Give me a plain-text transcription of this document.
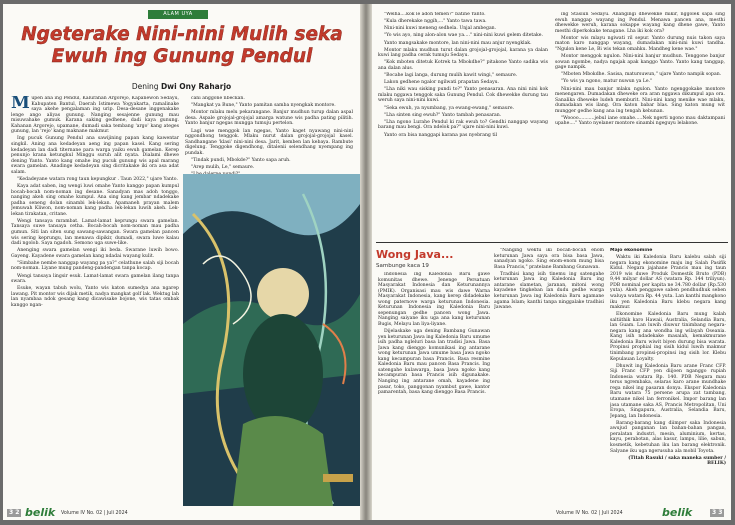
ALAM UYA
Ngeterake Nini-nini Mulih seka Ewuh ing Gunung Pendul
Dening Dwi Ony Raharjo

Mupen ana ing Pendul, Kalurahan Argorejo, Kapanewon Sedayu, Kabupaten Bantul, Daerah Istimewa Yogyakarta, ramalinake saya akehe pengalaman ing urip. Desa-desane inggenakake lenge ango aliyas gunung. Nanging sesajenne gunung mau misuwahake gumuk. Karana saking gedhene, dadi kaya gunung. Kahanan Argorejo, upamane, dumadi saka tembang 'argo' kang ateges gunung, lan 'rejo' kang maknane makmur.

Ing pucuk Gunung Pendul ana sawijining papan kang kawentar singkil. Aning ana kedadeyan aeng ing papan kasel. Kang sering kedadeyan lan dadi titernane para warga yaiku ewuh gamelan. Kerep penunjo krana ketungkul Minggu suruh alit nyata. Dialami dhewe dening Yanto. Yanto kang omahe ing pucuk gunung wis apal marang swara gamelan. Anadinge kedadeyan sing dicritakake iki ora asa adat salam.

"Kedadeyane watara rong taun kepungkur . Taun 2022," ujare Yanto.

Kaya adat saben, ing wengi luwi omahe Yanto kanggo papan kumpul bocah-bocah nom-noman ing desane. Sanadyan mas adoh tonggo, nanging akeh sing omahe kumpul. Ana sing kang jembar ndadekake padha seneng dolan sinambi lek-lekan. Apamaneh prayan malem Jemuwah Kliwon, nom-noman kang padha lek-lekan luwih akeh. Lek-lekan tirakatan, critane.

Wengi tansaya mrambat. Lamat-lamat keprungu swara gamelan. Tansaya suwe tansaya cetha. Bocah-bocah nom-noman mau padha gumun. Siti lan siten sung sawang-sawangan. Swara gamelan pancen wis sering keprungu, lan menawa dipikir, dumadi, swara luwe kalau dadi ngolob. Saya ngadoh. Semono uga suwe-like.

Anenging swara gamelan wengi iki beda. Swarane luwih bowo. Gayeng. Kayadene swara gamelan kang ndadai wayang kulit.

"Simbahe nembe nanggap wayang pa ya?" celathune salah siji bocah nom-noman. Liyane mung pandeng-pandengan tanpa kocap.

Wengi tansaya lingsir esuk. Lamat-lamat swara gamelan ilang tanpa swara.

Esuke, wayan tabuh wolu, Yanto wis katon sumedya ana ngarep lawang. Pit montor wis dijak metik, nadya mangkat golf lak. Wektug lah lan nyambaa ndok gesang kang dicawisake bojone, wis tatas ombak kanggo ngan-

cani anggone nbeckan.

"Mangkat ya Bune," Yanto pamitan samba nyengkak montore.

Montor mlaku melu pekarangane. Banjur mudhun turup dalan aspal desa. Aspale grojojal-grojojal amarga watune wis padha pating pilitih. Yanto banjur ngegas mungga tumuju pertelon.

Lagi wae menggok lan ngegas, Yanto kaget nyawang nini-nini nggondhong tenggok. Mlaku nurut dalan grojojal-grojojal kasel. Sandhangane 'klasi' nini-nini desa. Jarit, kemben lan kebaya. Rambute digelung. Tenggoke digendhong, ditalenii selendhang nyempang ing pundak.

"Tindak pundi, Mbokde?" Yanto sapa aruh.

"Arep mulih, Le," semaure.

3 2 belik Volume IV No. 02 | Juli 2024

"Welha....kok le adoh temen?" batine Yanto.

"Kula dherekake nggih,..." Yanto tawa tawa.

Nini-nini kuwi meneng sedhela. Unjal ambegan.

"Yo wis ayo, ning alon-alon wae ya...." nini-nini kuwi gelem ditetake.

Yanto mangsakake montore, lan nini-nini mau anjur nyengklak.

Montor mlaku mudhun turut dalan grojojal-grojojal, karana ya dalan kuwi lang padha cerak tumuju Sedayu.

"Kok mboten ditetuk Kotrek ta Mbokdhe?" pitakone Yanto sadika wis ana dalan alus.

"Bocahe lagi langa, durung mulih kawit wingi," semaure.

Lakon gedhene ngalor ngilwati prapatan Sedayu.

"Lha niki wau sisking pundi to?" Yanto penasaran. Ana nini nini kok mlaku nggawa tenggok saka Gunung Pendul. Cok dhewekke durung tau weruh saya nini-nini kuwi.

"Seka ewuh, ya nyumbang, ya ewang-ewang," semaure.

"Lha sinten sing ewuh?" Yanto tambah penasaran.

"Lha ngono Lurahe Pendul ki rak ewuh to? Gendhi nanggap wayang barang mau bengi. Ora ndelok pa?" ujare nini-nini kuwi.

Yanto ora bisa nanggapi karana pas nyebrang til

ing Stasiun Sedayu. Anangingi dhewekke mikir, nggolek sapa sing ewuh nanggap wayang ing Pendul. Menawa pancen ana, mesthi dhewekke weruh, karana sokappe wayang kang dhene gawe, Yanto mesthi diperkokake tenagane. Lha iki kok ora?

Montor wis mlayu ngiwati ril sepur. Yanto durung nuis takon saya maton karo nanggap wayang, dumadakan nini-nini kuwi tandha. "Ngulon kene Le, Bi wis tekan omahku. Mandheg kene wae."

Montor menggok ngulon. Nini-nini banjur mudhun. Tenggone banjur sowan ngombe, nadya ngajak apak kanggo Yanto. Yanto kang tanggap, gage nampik.

"Mboten Mbokdhe. Sasisa, matursuwun," ujare Yanto nampik sopan.

"Yo wis ya ngono, matur nuwun ya Le."

Nini-nini mau banjur mlaku ngulon. Yanto ngenggokake montore menengaren. Dumadakan dheweke ora aran nggawa dikumpul apa ora. Sanalika dheweke ludeh memburit. Nini-nini kang menike wae mlaku, dumadakan wis ilang. Ora katon babar blas. Sing katon mung wit mungger gedhe kang ana ing tengah kebunan.

"Woooo...........jebul iane omahe.....Nek ngerti ngono mau daktampani upahe...." Yanto nyelaner montore sinambi ngeguyu lelakone.

Wong Java...
Sambunge kaca 19

"Nanging wektu iki bocah-bocah enom keturunan Jawa saya ora bisa basa Jawa, sanadyan ngoko. Sing enom-enom mung bisa Basa Prancis," pratelane Bambang Gunawan.

Tradhisi kang isih tinemu ing satengahe keturunan Jawa ing Kaledonia Baru ing antarane slametan, jaranan, mitoni wong kayadene tingkeban lan dudu gedhe warga keturunan Jawa ing Kaledonia Baru agamane agama Islam; kanthi tanpa ninggalake tradhisi Jawane.

Majo ekonomine

Waktu iki Kaledonia Baru kalebu salah siji negara kang ekonomine maju ing Salah Pasifik Kidul. Negara jajahane Prancis mau ing taun 2019 wis duwe Produk Domestik Bruto (PDB) 9,44 milyar dollar AS (watara Rp. 144 triliyun). PDB nominal per kapita ne 34.780 dollar (Rp.530 yuta). Akeh penggawe saben pendhudhuk seben waluya watara Rp. 44 yuta. Lan kanthi mangkono iku yen Kaledonia Baru klebu negara kang makmur.

Ekonomine Kaledonia Baru mung kalah saltiithik karo Hawaii, Australia, Selandia Baru, lan Guam. Lan luwih diuwur tinimbang negara-negara kang ana wondha ing wilayah Oseania. Kang isih ndadekake masalah, kemakmurane Kaledonia Baru wiwit biyen durung bisa warata. Propinsi prophial ing sisih kidul luwih makmur tinimbang propinsi-propinsi ing sisih lor. Klebu Kepulauan Loyalty.

Dhuwit ing Kaledonia Baru arane Franc CFP. Siji Franc CFP yen diijoen nganggo rupiah Indonesia watara Rp. 140. PDB Negara mau terus ngrembaka, selaras karo arane mundhake rega nikel ing pasaran donya. Ekspor Kaledonia Baru watara 75 persene arupa zat tambang, utamane nikel lan ferronikel. Impor barang lan jasa utamane saka AS, Prancis Metropolitan, Uni Eropa, Singapura, Australia, Selandia Baru, Jepang, lan Indonesia.

Barang-barang kang diimpor saka Indonesia awujud panganan lan bahan-bahan pangan, peralatan industri, mesin, aluminium, kertas, kayu, perabotan, alas kasur, lampu, lilie, sabun, kosmetik, kebetuhan iku lan barang elektronik. Salyane iku uga ngerusuha ala mobil Toyota.

(Titah Rasuki / saka maneka sumber / BELIK)

Indonesia ing Kaledonia Baru gawe komunitas dhewe. Jenenge Persatuan Masyarakat Indonesia dan Keturunannya (PMIK). Organisasi mau wis dawe Warna Masyarakat Indonesia, kang kerep didadekake wong paternove warga keturunan Indonesia. Keturunan Indonesia ing Kaledonia Baru sepenungan gedhe pancen wong Jawa. Nanging saiyane iku uga ana kang keturunan Bugis, Melayu lan liya-liyane.

Dijelaskake uga dening Bambang Gunawan yen keturunan Jawa ing Kaledonia Baru umume isih padha ngleluri basa lan tradisi Jawa. Basa Jawa kang dienggo komunikasi ing antarane wong keturunan Jawa umume basa Jawa ngoko kang kecampuran basa Prancis. Basa resmine Kaledonia Baru mau pancen Basa Prancis. Ing satengahe kulawarga, basa Jawa ngoko kang kecampuran basa Prancis isih digunakake. Nanging ing antarane omah, kayadene ing pasar, toko, panggonan nyambut gawe, kantor pamarentah, basa kang dienggo Basa Prancis.

Volume IV No. 02 | Juli 2024	belik	3 3
